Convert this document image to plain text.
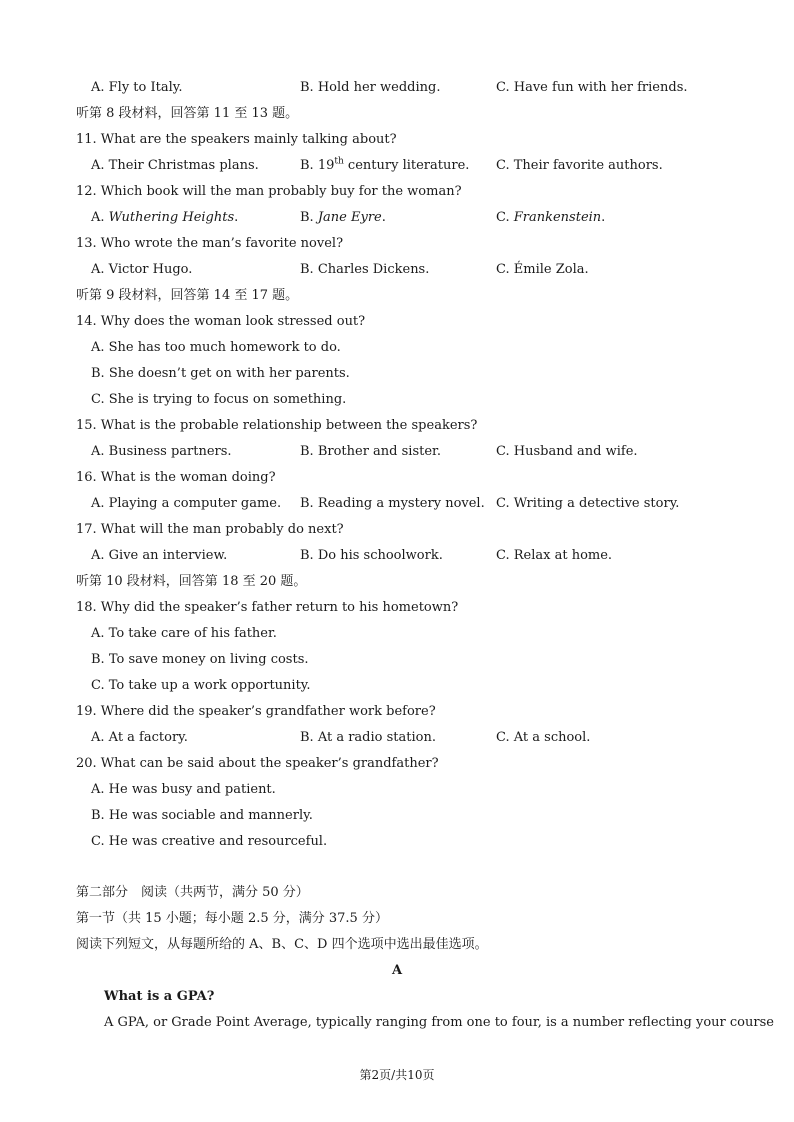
A. Fly to Italy.	B. Hold her wedding.	C. Have fun with her friends.
听第 8 段材料，回答第 11 至 13 题。
11. What are the speakers mainly talking about?
A. Their Christmas plans.	B. 19th century literature. C. Their favorite authors.
12. Which book will the man probably buy for the woman?
A. Wuthering Heights.	B. Jane Eyre.	C. Frankenstein.
13. Who wrote the man’s favorite novel?
A. Victor Hugo.	B. Charles Dickens.	C. Émile Zola.
听第 9 段材料，回答第 14 至 17 题。
14. Why does the woman look stressed out?
A. She has too much homework to do.
B. She doesn’t get on with her parents.
C. She is trying to focus on something.
15. What is the probable relationship between the speakers?
A. Business partners.	B. Brother and sister.	C. Husband and wife.
16. What is the woman doing?
A. Playing a computer game. B. Reading a mystery novel. C. Writing a detective story.
17. What will the man probably do next?
A. Give an interview.	B. Do his schoolwork.	C. Relax at home.
听第 10 段材料，回答第 18 至 20 题。
18. Why did the speaker’s father return to his hometown?
A. To take care of his father.
B. To save money on living costs.
C. To take up a work opportunity.
19. Where did the speaker’s grandfather work before?
A. At a factory.	B. At a radio station.	C. At a school.
20. What can be said about the speaker’s grandfather?
A. He was busy and patient.
B. He was sociable and mannerly.
C. He was creative and resourceful.
第二部分　阅读（共两节，满分 50 分）
第一节（共 15 小题；每小题 2.5 分，满分 37.5 分）
阅读下列短文，从每题所给的 A、B、C、D 四个选项中选出最佳选项。
A
What is a GPA?
A GPA, or Grade Point Average, typically ranging from one to four, is a number reflecting your course
第2页/共10页
